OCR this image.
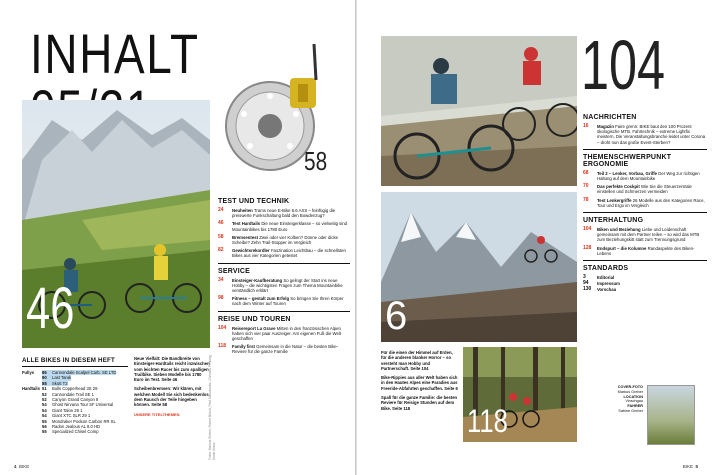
INHALT
46
58
TEST UND TECHNIK
24	Neuheiten Trams neue E-Bike 6.6 AXS – feinfügig die preiswerte Funkschaltung bald den Bowdenzug?
46	Test Hardtails Die neue Einsteigerklasse – so vielseitig sind Mountainbikes bis 1780 Euro
58	Bremsentest Zwei oder vier Kolben? Dünne oder dicke Scheibe? Zehn Trail-Stopper im Vergleich
82	Gewichtsrekordler Faszination Leichtbau – die schnellsten Bikes aus vier Kategorien getestet
SERVICE
34	Einsteiger-Kaufberatung So gelingt der Start ins neue Hobby – die wichtigsten Fragen zum Thema Mountainbike verständlich erklärt
98	Fitness – gestalt zum Erfolg So bringen Sie Ihren Körper nach dem Winter auf Touren
REISE UND TOUREN
104	Reisereport La Grave Mitten in den französischen Alpen haben sich vier paar Auszeiger. Am eigenen Fuß die Welt geschaffen
118	Family first Gemeinsam in die Natur – die besten Bike-Reviere für die ganze Familie
ALLE BIKES IN DIESEM HEFT
Fullys	86	Cannondale Scalpel Carb. SE LTD
90	Last Tarak
88	Skott T2
Hardtails 51	Bulls Copperhead 3S 29
52	Cannondale Trail SE 1
52	Canyon Grand Canyon 8
54	Ghost Nirvana Tour SF Universal
54	Giant Talon 29 1
54	Giant XTC SLR 29 1
55	Mondraker Podium Carbon RR SL
56	Radon Jealous AL 8.0 HD
55	Specialized Chisel Comp
Neue Vielfalt: Die Bandbreite von Einsteiger-Hardtails reicht inzwischen vom leichten Racer bis zum spaßigen Trailbike. Sieben Modelle bis 1780 Euro im Test. Seite 46
Scheibenbremsen: Wir klären, mit welchen Modell Sie sich bedenkenlos dem Rausch der Teile hingeben können. Seite 58
UNSERE TITELTHEMEN	Fotos: Markus Greber, Robert Bösch, Paul Masukowitz, Christian Penning, Armin Kranz
4 BIKE
104
6
118
Für die einen der Himmel auf Erden, für die anderen blanker Horror – so versteht man Hobby und Partnerschaft. Seite 104
Bike-Rippies aus aller Welt haben sich in den Hautes Alpes eine Paradies aus Freeride-Abfahrten geschaffen. Seite 6
Spaß für die ganze Familie: die besten Reviere für Reisige Stunden auf dem Bike. Seite 118
NACHRICHTEN
16	Magazin Faire grenn: BIKE baut den 100 Prozent ökologische MTB. Fahrtechnik – extreme Lightfix meistern. Die Veranstaltungsbranche leidet unter Corona – droht nun das große Event-Sterben?
THEMENSCHWERPUNKT ERGONOMIE
68	Teil 2 – Lenker, Vorbau, Griffe Der Weg zur richtigen Haltung auf dem Mountainbike
70	Das perfekte Cockpit Wie Sie die Steuerzentrale einstellen und Schmerzen vermeiden
78	Test Lenkergriffe 26 Modelle aus den Kategorien Race, Tour und Ergo im Vergleich
UNTERHALTUNG
104	Biken und Beziehung Liebe und Leidenschaft gemeinsam mit dem Partner teilen – so wird das MTB zum Beziehungskitt statt zum Trennungsgrund
128	Endspurt – die Kolumne Randaspekte des Biken-Lebens
STANDARDS
3	Editorial
94	Impressum
130	Vorschau
COVER-FOTO
Markus Greber
LOCATION
Vinschgau
FAHRER
Sabine Greber
BIKE 5
